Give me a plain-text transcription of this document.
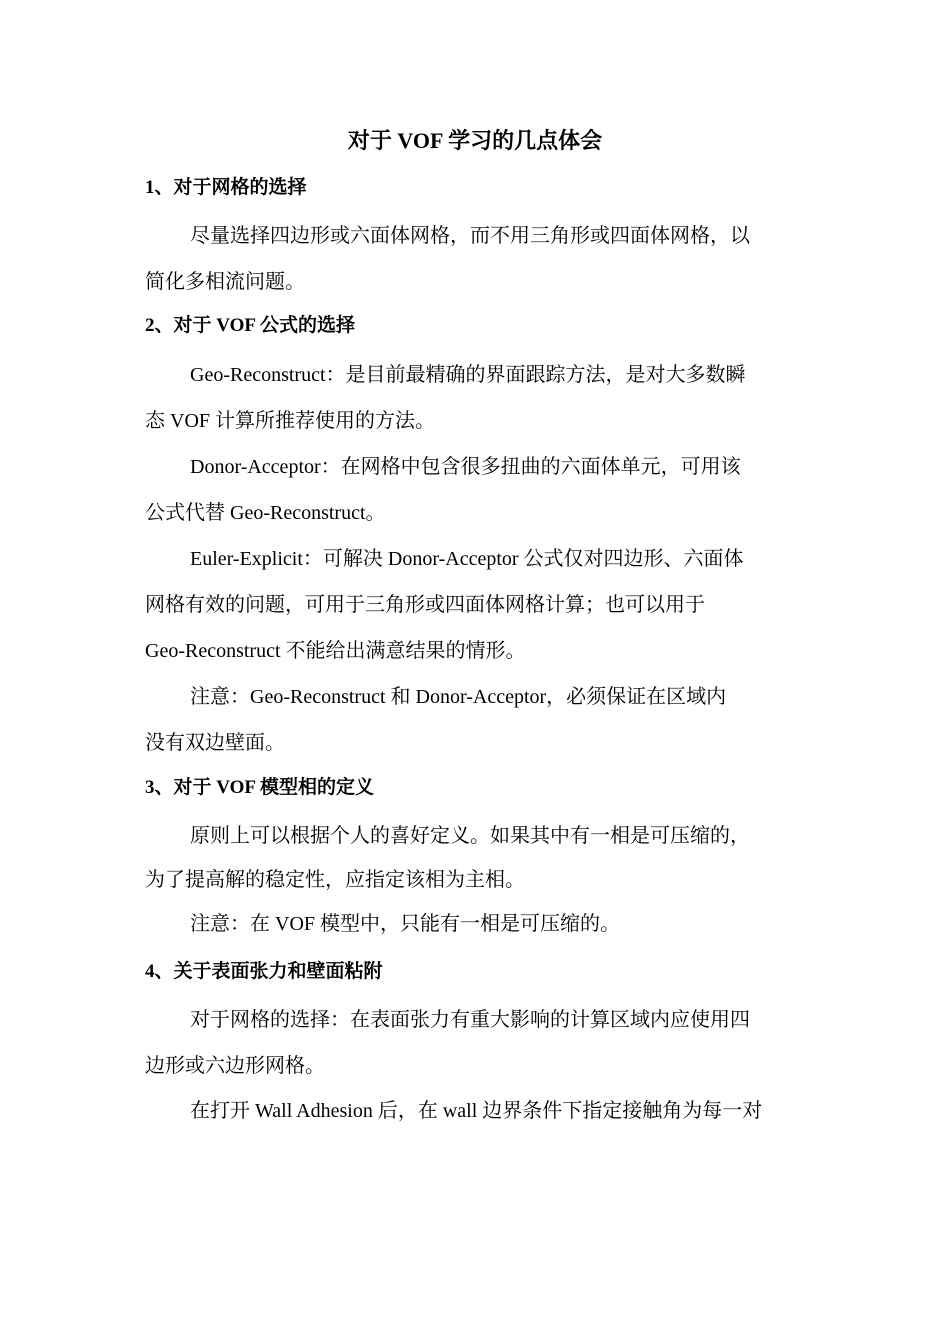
对于 VOF 学习的几点体会
1、对于网格的选择
尽量选择四边形或六面体网格，而不用三角形或四面体网格，以
简化多相流问题。
2、对于 VOF 公式的选择
Geo-Reconstruct：是目前最精确的界面跟踪方法，是对大多数瞬
态 VOF 计算所推荐使用的方法。
Donor-Acceptor：在网格中包含很多扭曲的六面体单元，可用该
公式代替 Geo-Reconstruct。
Euler-Explicit：可解决 Donor-Acceptor 公式仅对四边形、六面体
网格有效的问题，可用于三角形或四面体网格计算；也可以用于
Geo-Reconstruct 不能给出满意结果的情形。
注意：Geo-Reconstruct 和 Donor-Acceptor，必须保证在区域内
没有双边壁面。
3、对于 VOF 模型相的定义
原则上可以根据个人的喜好定义。如果其中有一相是可压缩的，
为了提高解的稳定性，应指定该相为主相。
注意：在 VOF 模型中，只能有一相是可压缩的。
4、关于表面张力和壁面粘附
对于网格的选择：在表面张力有重大影响的计算区域内应使用四
边形或六边形网格。
在打开 Wall Adhesion 后，在 wall 边界条件下指定接触角为每一对
